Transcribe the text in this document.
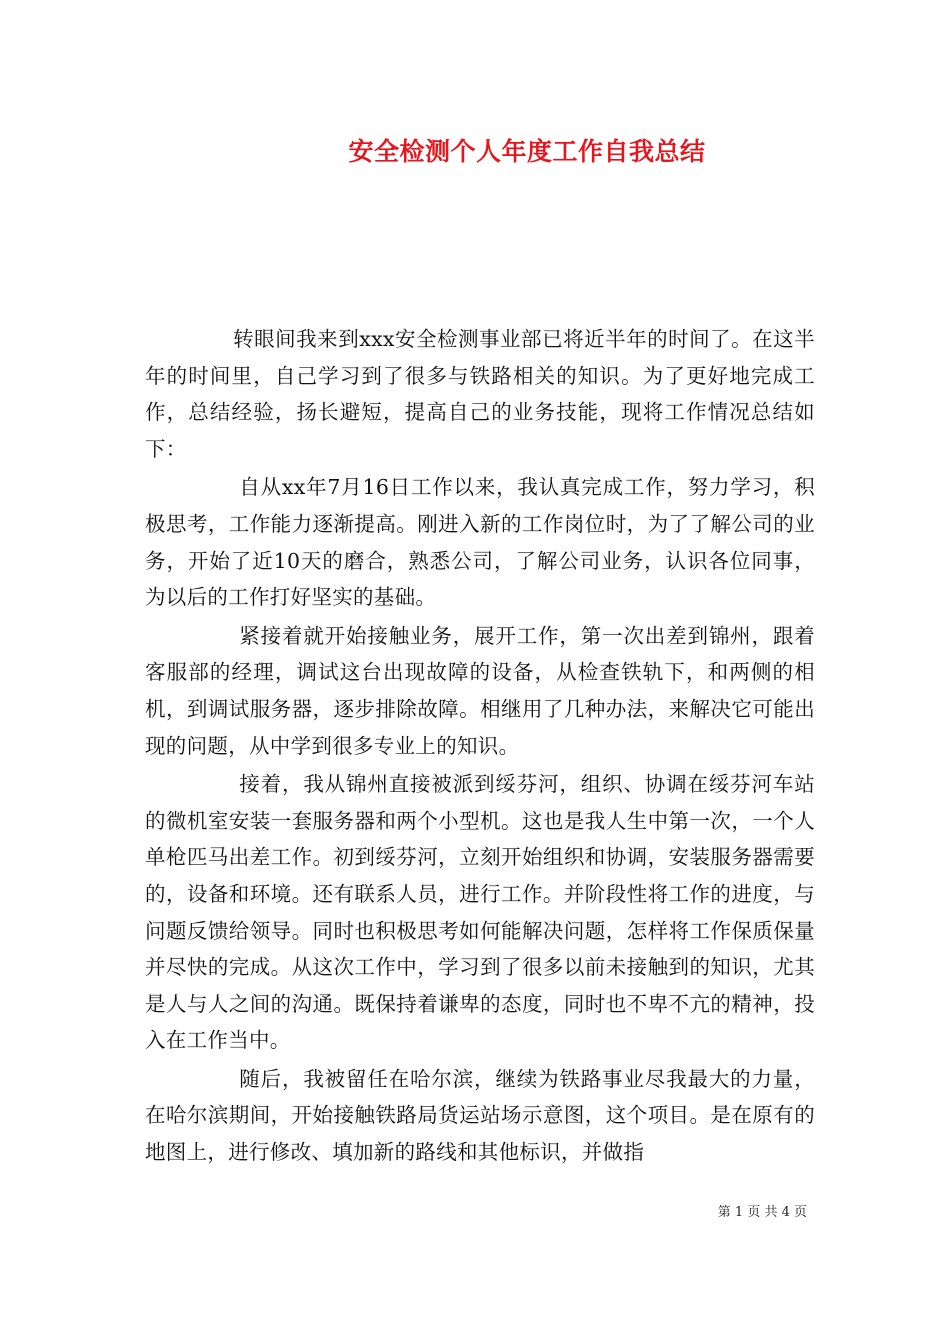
安全检测个人年度工作自我总结

转眼间我来到xxx安全检测事业部已将近半年的时间了。在这半年的时间里，自己学习到了很多与铁路相关的知识。为了更好地完成工作，总结经验，扬长避短，提高自己的业务技能，现将工作情况总结如下：

自从xx年7月16日工作以来，我认真完成工作，努力学习，积极思考，工作能力逐渐提高。刚进入新的工作岗位时，为了了解公司的业务，开始了近10天的磨合，熟悉公司，了解公司业务，认识各位同事，为以后的工作打好坚实的基础。

紧接着就开始接触业务，展开工作，第一次出差到锦州，跟着客服部的经理，调试这台出现故障的设备，从检查铁轨下，和两侧的相机，到调试服务器，逐步排除故障。相继用了几种办法，来解决它可能出现的问题，从中学到很多专业上的知识。

接着，我从锦州直接被派到绥芬河，组织、协调在绥芬河车站的微机室安装一套服务器和两个小型机。这也是我人生中第一次，一个人单枪匹马出差工作。初到绥芬河，立刻开始组织和协调，安装服务器需要的，设备和环境。还有联系人员，进行工作。并阶段性将工作的进度，与问题反馈给领导。同时也积极思考如何能解决问题，怎样将工作保质保量并尽快的完成。从这次工作中，学习到了很多以前未接触到的知识，尤其是人与人之间的沟通。既保持着谦卑的态度，同时也不卑不亢的精神，投入在工作当中。

随后，我被留任在哈尔滨，继续为铁路事业尽我最大的力量，在哈尔滨期间，开始接触铁路局货运站场示意图，这个项目。是在原有的地图上，进行修改、填加新的路线和其他标识，并做指

第 1 页 共 4 页
